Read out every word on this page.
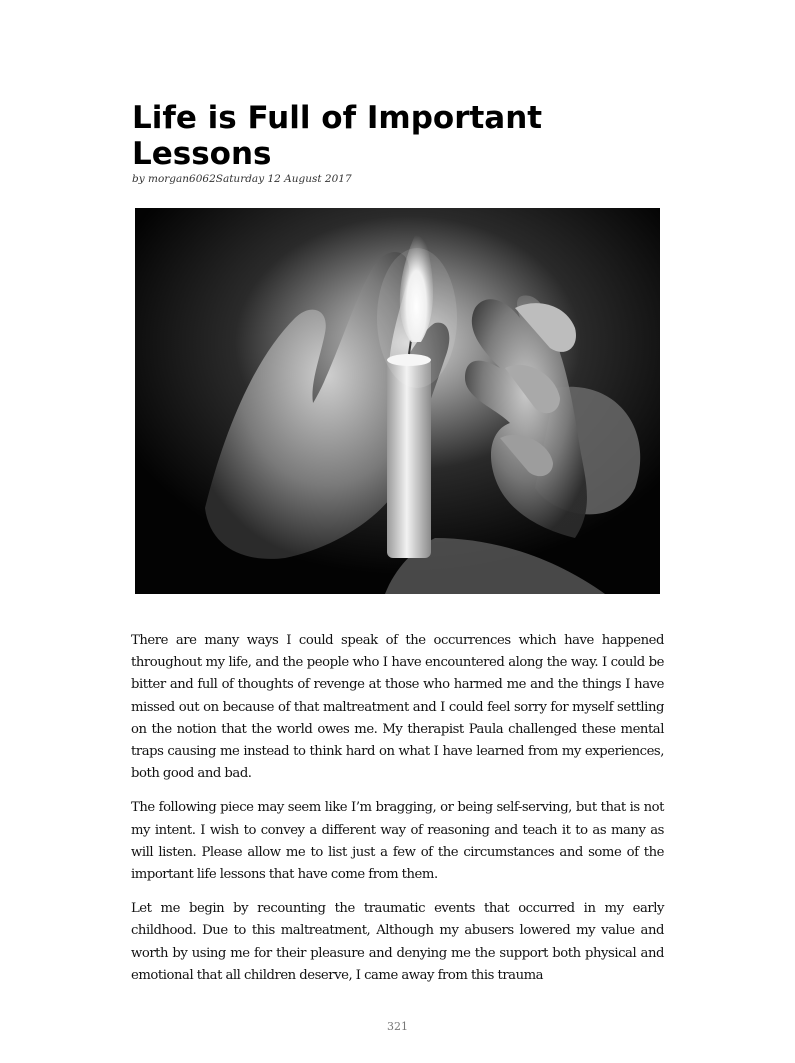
Life is Full of Important Lessons
by morgan6062Saturday 12 August 2017

There are many ways I could speak of the occurrences which have happened throughout my life, and the people who I have encountered along the way. I could be bitter and full of thoughts of revenge at those who harmed me and the things I have missed out on because of that maltreatment and I could feel sorry for myself settling on the notion that the world owes me. My therapist Paula challenged these mental traps causing me instead to think hard on what I have learned from my experiences, both good and bad.

The following piece may seem like I’m bragging, or being self-serving, but that is not my intent. I wish to convey a different way of reasoning and teach it to as many as will listen. Please allow me to list just a few of the circumstances and some of the important life lessons that have come from them.

Let me begin by recounting the traumatic events that occurred in my early childhood. Due to this maltreatment, Although my abusers lowered my value and worth by using me for their pleasure and denying me the support both physical and emotional that all children deserve, I came away from this trauma

321
